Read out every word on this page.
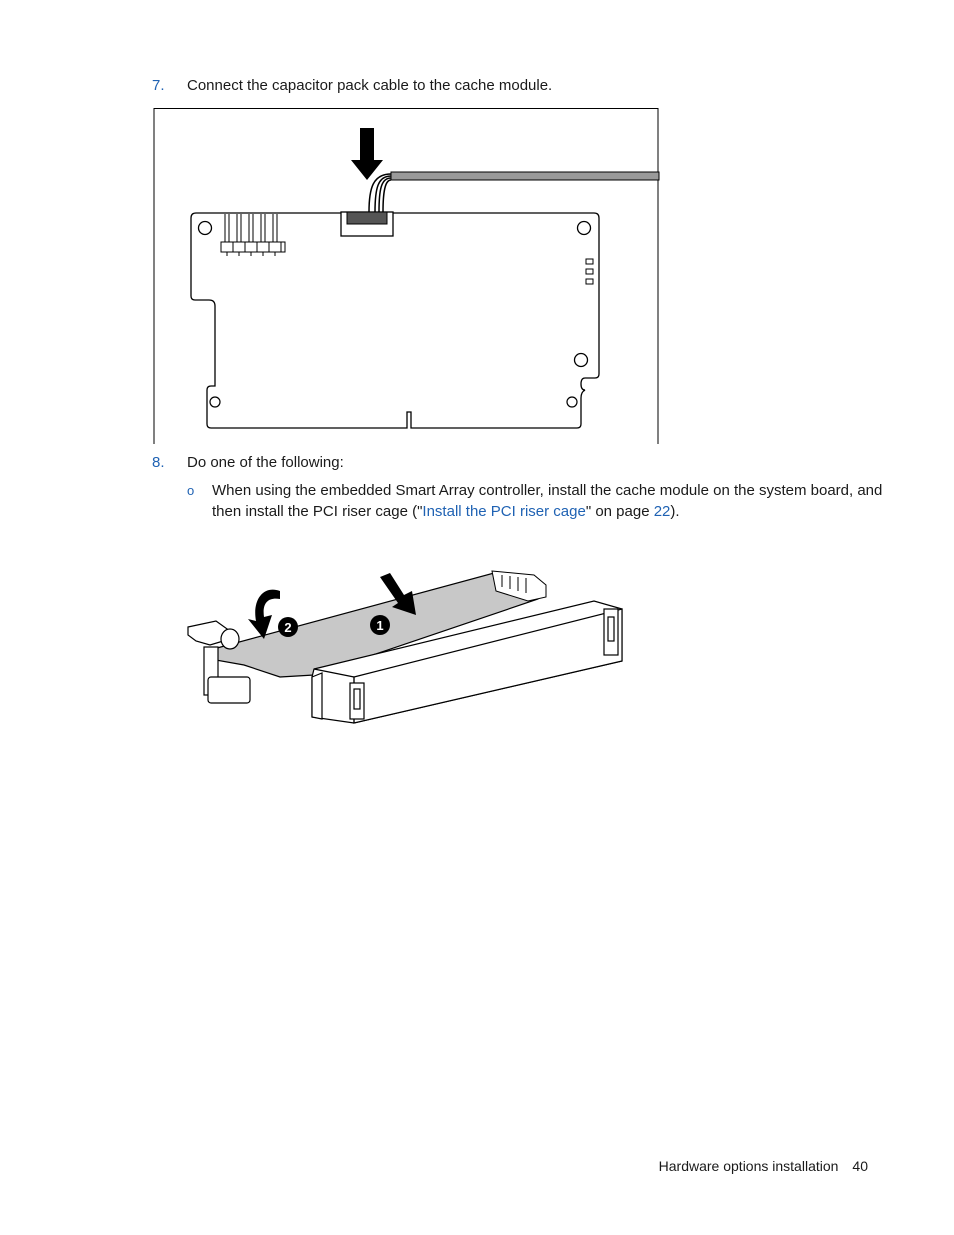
7. Connect the capacitor pack cable to the cache module.
8. Do one of the following:
o When using the embedded Smart Array controller, install the cache module on the system board, and then install the PCI riser cage ("Install the PCI riser cage" on page 22).
1
2
Hardware options installation 40
